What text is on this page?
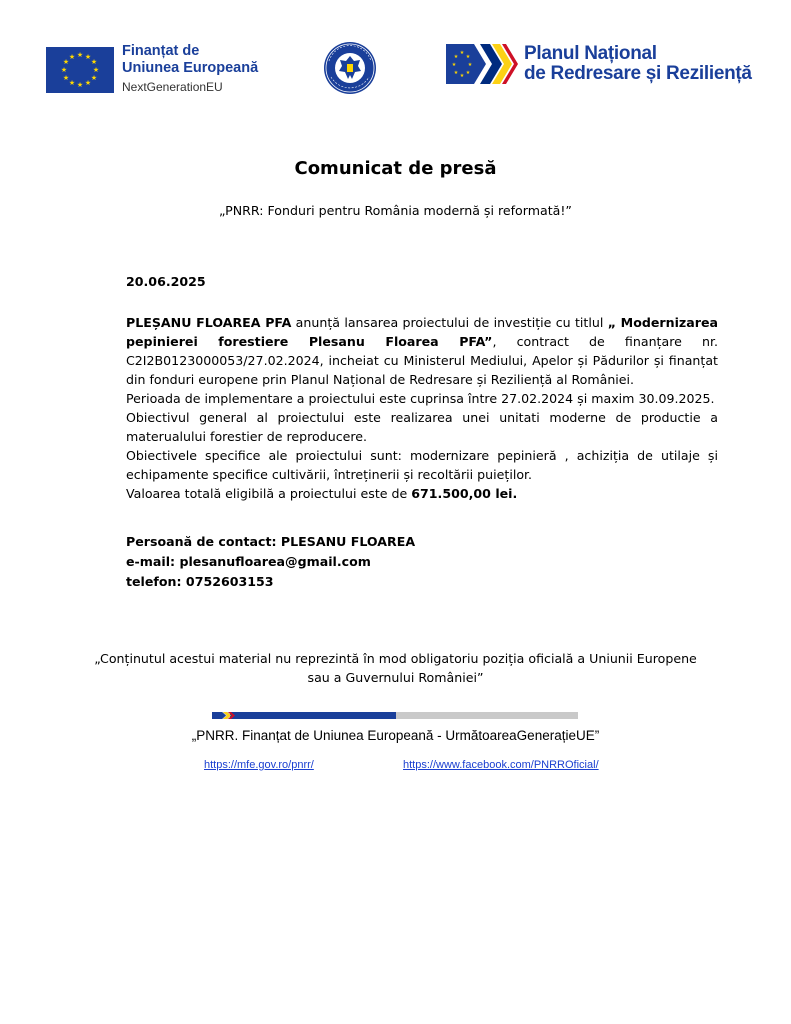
★ ★
★
★
★
★
★
★
★
★
★
★	Finanțat de
Uniunea Europeană
NextGenerationEU
★
★
★
★
★
★
★
★	Planul Național
de Redresare și Reziliență
Comunicat de presă
„PNRR: Fonduri pentru România modernă și reformată!”
20.06.2025

PLEȘANU FLOAREA PFA anunță lansarea proiectului de investiție cu titlul „ Modernizarea pepinierei forestiere Plesanu Floarea PFA”, contract de finanțare nr. C2I2B0123000053/27.02.2024, incheiat cu Ministerul Mediului, Apelor și Pădurilor și finanțat din fonduri europene prin Planul Național de Redresare și Reziliență al României.

Perioada de implementare a proiectului este cuprinsa între 27.02.2024 și maxim 30.09.2025.

Obiectivul general al proiectului este realizarea unei unitati moderne de productie a materualului forestier de reproducere.

Obiectivele specifice ale proiectului sunt: modernizare pepinieră , achiziția de utilaje și echipamente specifice cultivării, întreținerii și recoltării puieților.

Valoarea totală eligibilă a proiectului este de 671.500,00 lei.

Persoană de contact: PLESANU FLOAREA
e-mail: plesanufloarea@gmail.com
telefon: 0752603153
„Conținutul acestui material nu reprezintă în mod obligatoriu poziția oficială a Uniunii Europene
sau a Guvernului României”
„PNRR. Finanțat de Uniunea Europeană - UrmătoareaGenerațieUE”
https://mfe.gov.ro/pnrr/	https://www.facebook.com/PNRROficial/
